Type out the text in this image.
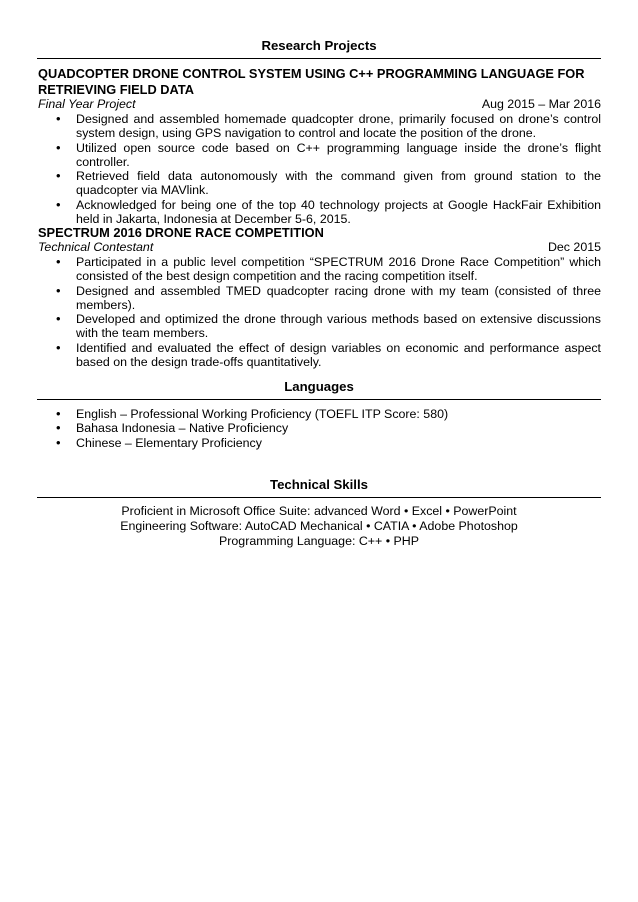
Research Projects
QUADCOPTER DRONE CONTROL SYSTEM USING C++ PROGRAMMING LANGUAGE FOR RETRIEVING FIELD DATA
Final Year Project	Aug 2015 – Mar 2016
• Designed and assembled homemade quadcopter drone, primarily focused on drone’s control system design, using GPS navigation to control and locate the position of the drone.
• Utilized open source code based on C++ programming language inside the drone’s flight controller.
• Retrieved field data autonomously with the command given from ground station to the quadcopter via MAVlink.
• Acknowledged for being one of the top 40 technology projects at Google HackFair Exhibition held in Jakarta, Indonesia at December 5-6, 2015.
SPECTRUM 2016 DRONE RACE COMPETITION
Technical Contestant	Dec 2015
• Participated in a public level competition “SPECTRUM 2016 Drone Race Competition” which consisted of the best design competition and the racing competition itself.
• Designed and assembled TMED quadcopter racing drone with my team (consisted of three members).
• Developed and optimized the drone through various methods based on extensive discussions with the team members.
• Identified and evaluated the effect of design variables on economic and performance aspect based on the design trade-offs quantitatively.
Languages
• English – Professional Working Proficiency (TOEFL ITP Score: 580)
• Bahasa Indonesia – Native Proficiency
• Chinese – Elementary Proficiency
Technical Skills
Proficient in Microsoft Office Suite: advanced Word • Excel • PowerPoint
Engineering Software: AutoCAD Mechanical • CATIA • Adobe Photoshop
Programming Language: C++ • PHP
